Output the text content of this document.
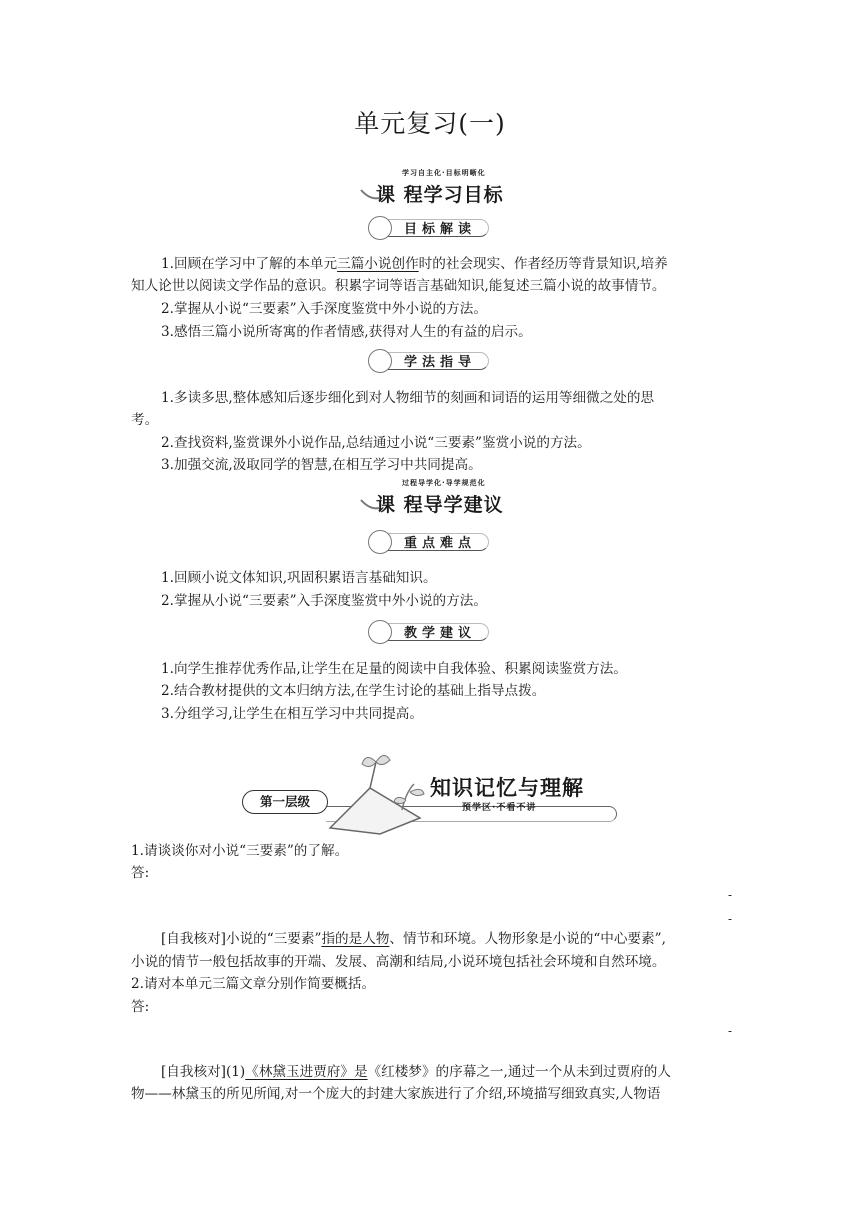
单元复习(一)
学习自主化·目标明晰化
课 程学习目标
目标解读
1.回顾在学习中了解的本单元三篇小说创作时的社会现实、作者经历等背景知识,培养
知人论世以阅读文学作品的意识。积累字词等语言基础知识,能复述三篇小说的故事情节。
2.掌握从小说“三要素”入手深度鉴赏中外小说的方法。
3.感悟三篇小说所寄寓的作者情感,获得对人生的有益的启示。
学法指导
1.多读多思,整体感知后逐步细化到对人物细节的刻画和词语的运用等细微之处的思
考。
2.查找资料,鉴赏课外小说作品,总结通过小说“三要素”鉴赏小说的方法。
3.加强交流,汲取同学的智慧,在相互学习中共同提高。
过程导学化·导学规范化
课 程导学建议
重点难点
1.回顾小说文体知识,巩固积累语言基础知识。
2.掌握从小说“三要素”入手深度鉴赏中外小说的方法。
教学建议
1.向学生推荐优秀作品,让学生在足量的阅读中自我体验、积累阅读鉴赏方法。
2.结合教材提供的文本归纳方法,在学生讨论的基础上指导点拨。
3.分组学习,让学生在相互学习中共同提高。
第一层级
知识记忆与理解
预学区·不看不讲
1.请谈谈你对小说“三要素”的了解。
答:
-
-
[自我核对]小说的“三要素”指的是人物、情节和环境。人物形象是小说的“中心要素”,
小说的情节一般包括故事的开端、发展、高潮和结局,小说环境包括社会环境和自然环境。
2.请对本单元三篇文章分别作简要概括。
答:
-
[自我核对](1)《林黛玉进贾府》是《红楼梦》的序幕之一,通过一个从未到过贾府的人
物——林黛玉的所见所闻,对一个庞大的封建大家族进行了介绍,环境描写细致真实,人物语
